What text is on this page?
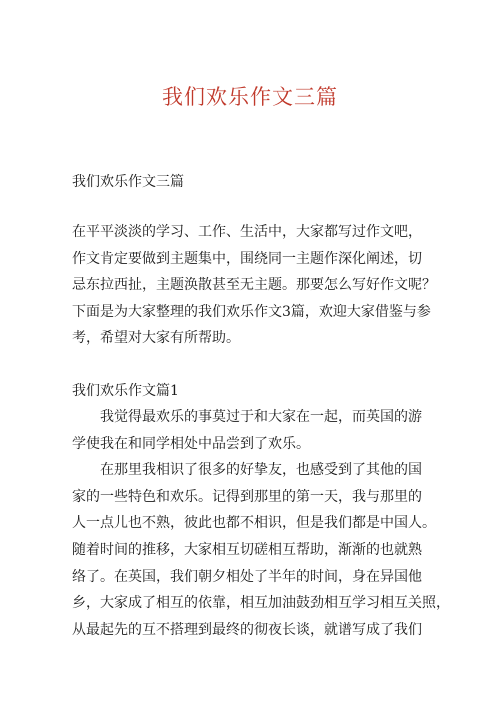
我们欢乐作文三篇
我们欢乐作文三篇
在平平淡淡的学习、工作、生活中，大家都写过作文吧，
作文肯定要做到主题集中，围绕同一主题作深化阐述，切
忌东拉西扯，主题涣散甚至无主题。那要怎么写好作文呢？
下面是为大家整理的我们欢乐作文3篇，欢迎大家借鉴与参
考，希望对大家有所帮助。
我们欢乐作文篇1
我觉得最欢乐的事莫过于和大家在一起，而英国的游
学使我在和同学相处中品尝到了欢乐。
在那里我相识了很多的好挚友，也感受到了其他的国
家的一些特色和欢乐。记得到那里的第一天，我与那里的
人一点儿也不熟，彼此也都不相识，但是我们都是中国人。
随着时间的推移，大家相互切磋相互帮助，渐渐的也就熟
络了。在英国，我们朝夕相处了半年的时间，身在异国他
乡，大家成了相互的依靠，相互加油鼓劲相互学习相互关照，
从最起先的互不搭理到最终的彻夜长谈，就谱写成了我们
